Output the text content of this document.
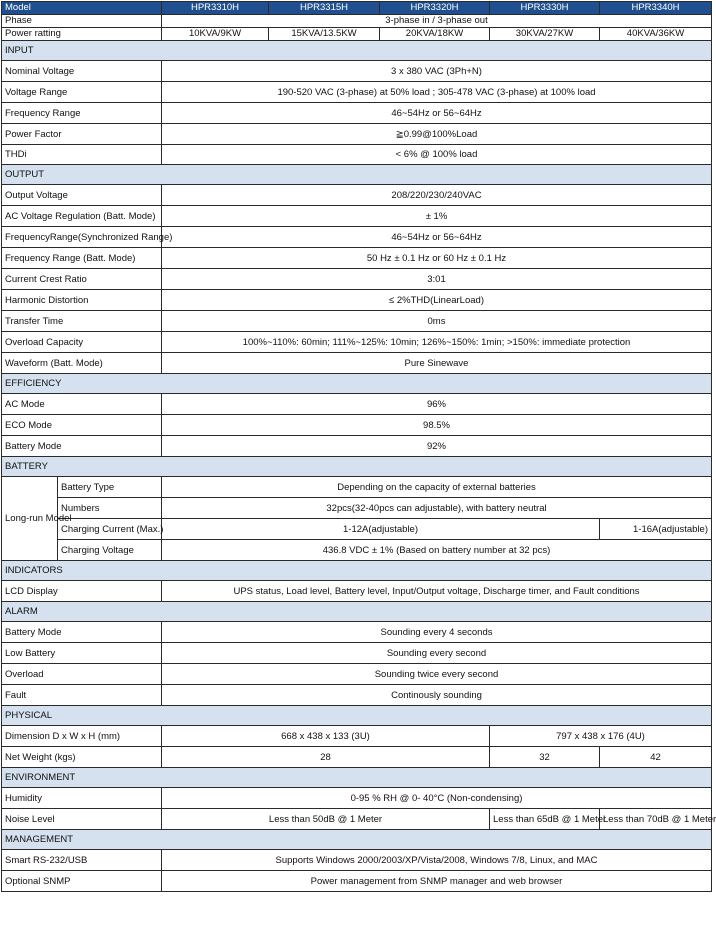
Model		HPR3310H	HPR3315H	HPR3320H	HPR3330H	HPR3340H
Phase		3-phase in / 3-phase out				
Power ratting		10KVA/9KW	15KVA/13.5KW	20KVA/18KW	30KVA/27KW	40KVA/36KW
INPUT						
Nominal Voltage		3 x 380 VAC (3Ph+N)				
Voltage Range		190-520 VAC (3-phase) at 50% load ; 305-478 VAC (3-phase) at 100% load				
Frequency Range		46~54Hz or 56~64Hz				
Power Factor		≧0.99@100%Load				
THDi		< 6% @ 100% load				
OUTPUT						
Output Voltage		208/220/230/240VAC				
AC Voltage Regulation (Batt. Mode)		± 1%				
FrequencyRange(Synchronized Range)		46~54Hz or 56~64Hz				
Frequency Range (Batt. Mode)		50 Hz ± 0.1 Hz or 60 Hz ± 0.1 Hz				
Current Crest Ratio		3:01				
Harmonic Distortion		≤ 2%THD(LinearLoad)				
Transfer Time		0ms				
Overload Capacity		100%~110%: 60min; 111%~125%: 10min; 126%~150%: 1min; >150%: immediate protection				
Waveform (Batt. Mode)		Pure Sinewave				
EFFICIENCY						
AC Mode		96%				
ECO Mode		98.5%				
Battery Mode		92%				
BATTERY						
Long-run Model	Battery Type	Depending on the capacity of external batteries				
	Numbers	32pcs(32-40pcs can adjustable), with battery neutral				
	Charging Current (Max.)	1-12A(adjustable)				1-16A(adjustable)
	Charging Voltage	436.8 VDC ± 1% (Based on battery number at 32 pcs)				
INDICATORS						
LCD Display		UPS status, Load level, Battery level, Input/Output voltage, Discharge timer, and Fault conditions				
ALARM						
Battery Mode		Sounding every 4 seconds				
Low Battery		Sounding every second				
Overload		Sounding twice every second				
Fault		Continously sounding				
PHYSICAL						
Dimension D x W x H (mm)		668 x 438 x 133 (3U)			797 x 438 x 176 (4U)	
Net Weight (kgs)		28			32	42
ENVIRONMENT						
Humidity		0-95 % RH @ 0- 40°C (Non-condensing)				
Noise Level		Less than 50dB @ 1 Meter			Less than 65dB @ 1 Meter	Less than 70dB @ 1 Meter
MANAGEMENT						
Smart RS-232/USB		Supports Windows 2000/2003/XP/Vista/2008, Windows 7/8, Linux, and MAC				
Optional SNMP		Power management from SNMP manager and web browser				
